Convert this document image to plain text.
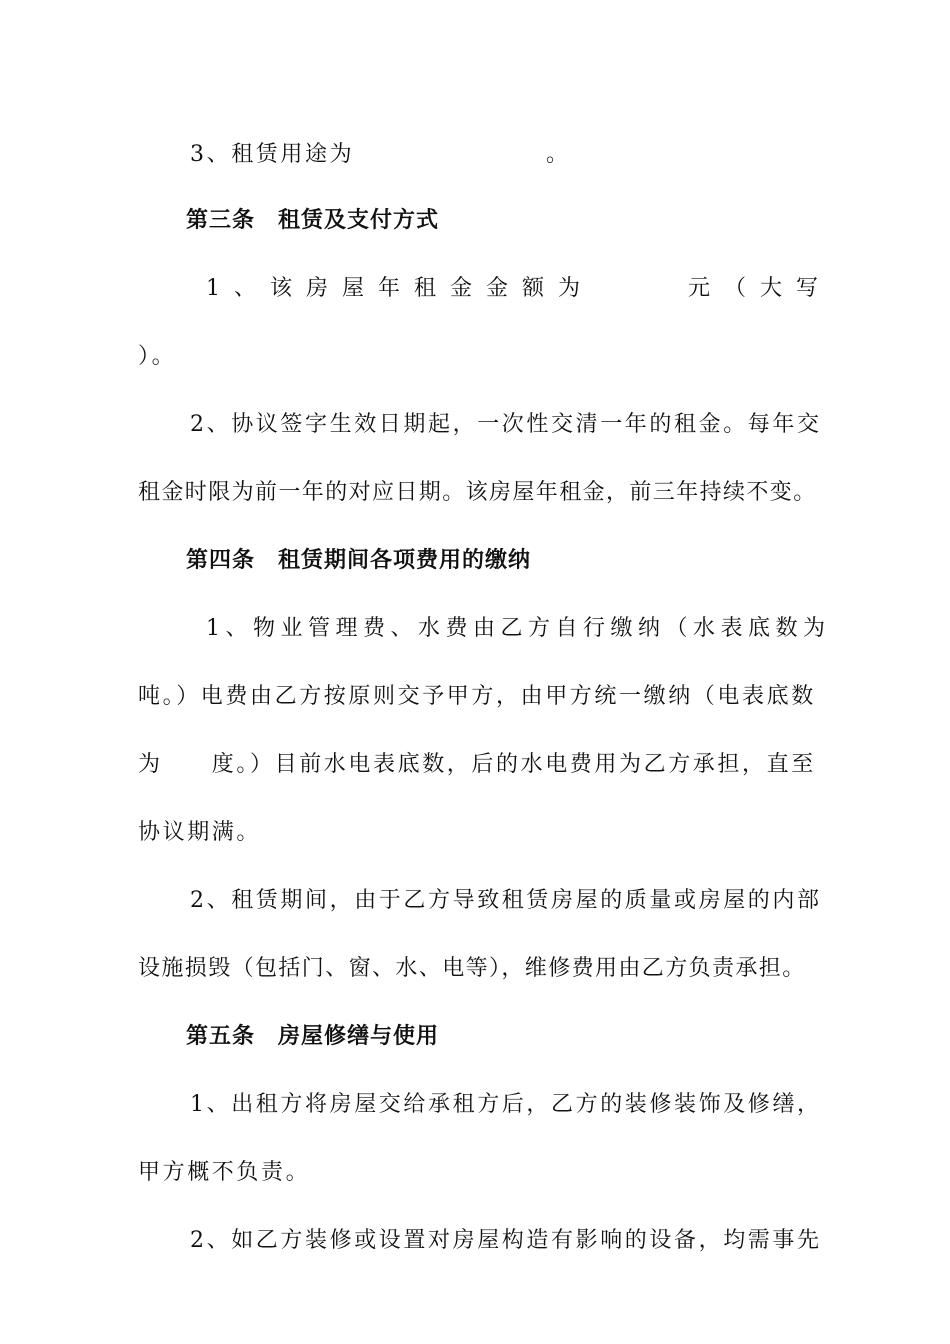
3、租赁用途为                    。
第三条　租赁及支付方式
1、该房屋年租金金额为	元（大写
）。
2、协议签字生效日期起，一次性交清一年的租金。每年交
租金时限为前一年的对应日期。该房屋年租金，前三年持续不变。
第四条　租赁期间各项费用的缴纳
1、物业管理费、水费由乙方自行缴纳（水表底数为
吨。）电费由乙方按原则交予甲方，由甲方统一缴纳（电表底数
为　　度。）目前水电表底数，后的水电费用为乙方承担，直至
协议期满。
2、租赁期间，由于乙方导致租赁房屋的质量或房屋的内部
设施损毁（包括门、窗、水、电等），维修费用由乙方负责承担。
第五条　房屋修缮与使用
1、出租方将房屋交给承租方后，乙方的装修装饰及修缮，
甲方概不负责。
2、如乙方装修或设置对房屋构造有影响的设备，均需事先
